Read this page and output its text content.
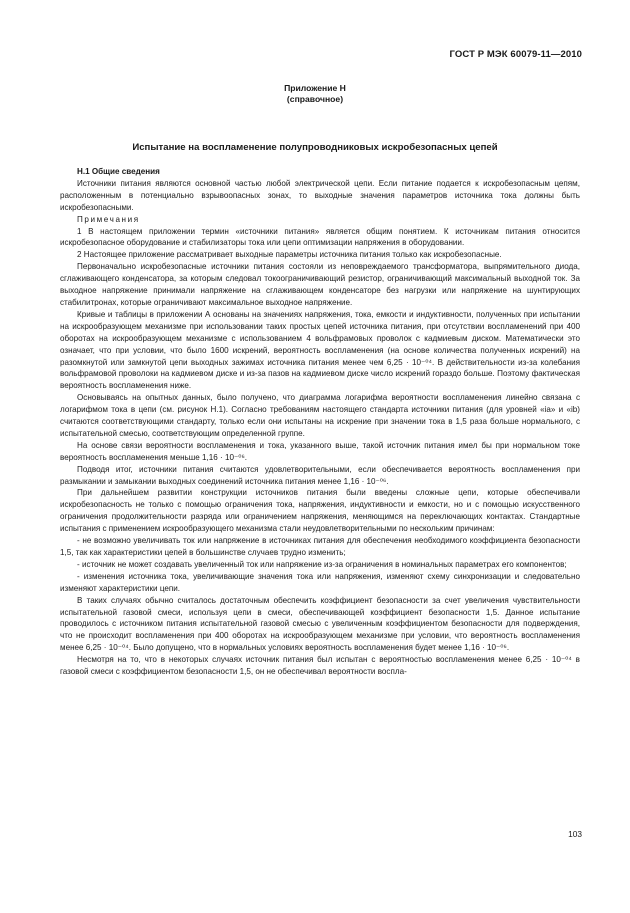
ГОСТ Р МЭК 60079-11—2010
Приложение Н
(справочное)
Испытание на воспламенение полупроводниковых искробезопасных цепей

Н.1 Общие сведения

Источники питания являются основной частью любой электрической цепи. Если питание подается к искробезопасным цепям, расположенным в потенциально взрывоопасных зонах, то выходные значения параметров источника тока должны быть искробезопасными.

Примечания

1 В настоящем приложении термин «источники питания» является общим понятием. К источникам питания относится искробезопасное оборудование и стабилизаторы тока или цепи оптимизации напряжения в оборудовании.

2 Настоящее приложение рассматривает выходные параметры источника питания только как искробезопасные.

Первоначально искробезопасные источники питания состояли из неповреждаемого трансформатора, выпрямительного диода, сглаживающего конденсатора, за которым следовал токоограничивающий резистор, ограничивающий максимальный выходной ток. За выходное напряжение принимали напряжение на сглаживающем конденсаторе без нагрузки или напряжение на шунтирующих стабилитронах, которые ограничивают максимальное выходное напряжение.

Кривые и таблицы в приложении А основаны на значениях напряжения, тока, емкости и индуктивности, полученных при испытании на искрообразующем механизме при использовании таких простых цепей источника питания, при отсутствии воспламенений при 400 оборотах на искрообразующем механизме с использованием 4 вольфрамовых проволок с кадмиевым диском. Математически это означает, что при условии, что было 1600 искрений, вероятность воспламенения (на основе количества полученных искрений) на разомкнутой или замкнутой цепи выходных зажимах источника питания менее чем 6,25 · 10⁻⁰⁴. В действительности из-за колебания вольфрамовой проволоки на кадмиевом диске и из-за пазов на кадмиевом диске число искрений гораздо больше. Поэтому фактическая вероятность воспламенения ниже.

Основываясь на опытных данных, было получено, что диаграмма логарифма вероятности воспламенения линейно связана с логарифмом тока в цепи (см. рисунок Н.1). Согласно требованиям настоящего стандарта источники питания (для уровней «ia» и «ib) считаются соответствующими стандарту, только если они испытаны на искрение при значении тока в 1,5 раза больше нормального, с испытательной смесью, соответствующим определенной группе.

На основе связи вероятности воспламенения и тока, указанного выше, такой источник питания имел бы при нормальном токе вероятность воспламенения меньше 1,16 · 10⁻⁰⁶.

Подводя итог, источники питания считаются удовлетворительными, если обеспечивается вероятность воспламенения при размыкании и замыкании выходных соединений источника питания менее 1,16 · 10⁻⁰⁶.

При дальнейшем развитии конструкции источников питания были введены сложные цепи, которые обеспечивали искробезопасность не только с помощью ограничения тока, напряжения, индуктивности и емкости, но и с помощью искусственного ограничения продолжительности разряда или ограничением напряжения, меняющимся на переключающих контактах. Стандартные испытания с применением искрообразующего механизма стали неудовлетворительными по нескольким причинам:

- не возможно увеличивать ток или напряжение в источниках питания для обеспечения необходимого коэффициента безопасности 1,5, так как характеристики цепей в большинстве случаев трудно изменить;

- источник не может создавать увеличенный ток или напряжение из-за ограничения в номинальных параметрах его компонентов;

- изменения источника тока, увеличивающие значения тока или напряжения, изменяют схему синхронизации и следовательно изменяют характеристики цепи.

В таких случаях обычно считалось достаточным обеспечить коэффициент безопасности за счет увеличения чувствительности испытательной газовой смеси, используя цепи в смеси, обеспечивающей коэффициент безопасности 1,5. Данное испытание проводилось с источником питания испытательной газовой смесью с увеличенным коэффициентом безопасности для подверждения, что не происходит воспламенения при 400 оборотах на искрообразующем механизме при условии, что вероятность воспламенения менее 6,25 · 10⁻⁰⁴. Было допущено, что в нормальных условиях вероятность воспламенения будет менее 1,16 · 10⁻⁰⁶.

Несмотря на то, что в некоторых случаях источник питания был испытан с вероятностью воспламенения менее 6,25 · 10⁻⁰⁴ в газовой смеси с коэффициентом безопасности 1,5, он не обеспечивал вероятности воспла-

103
